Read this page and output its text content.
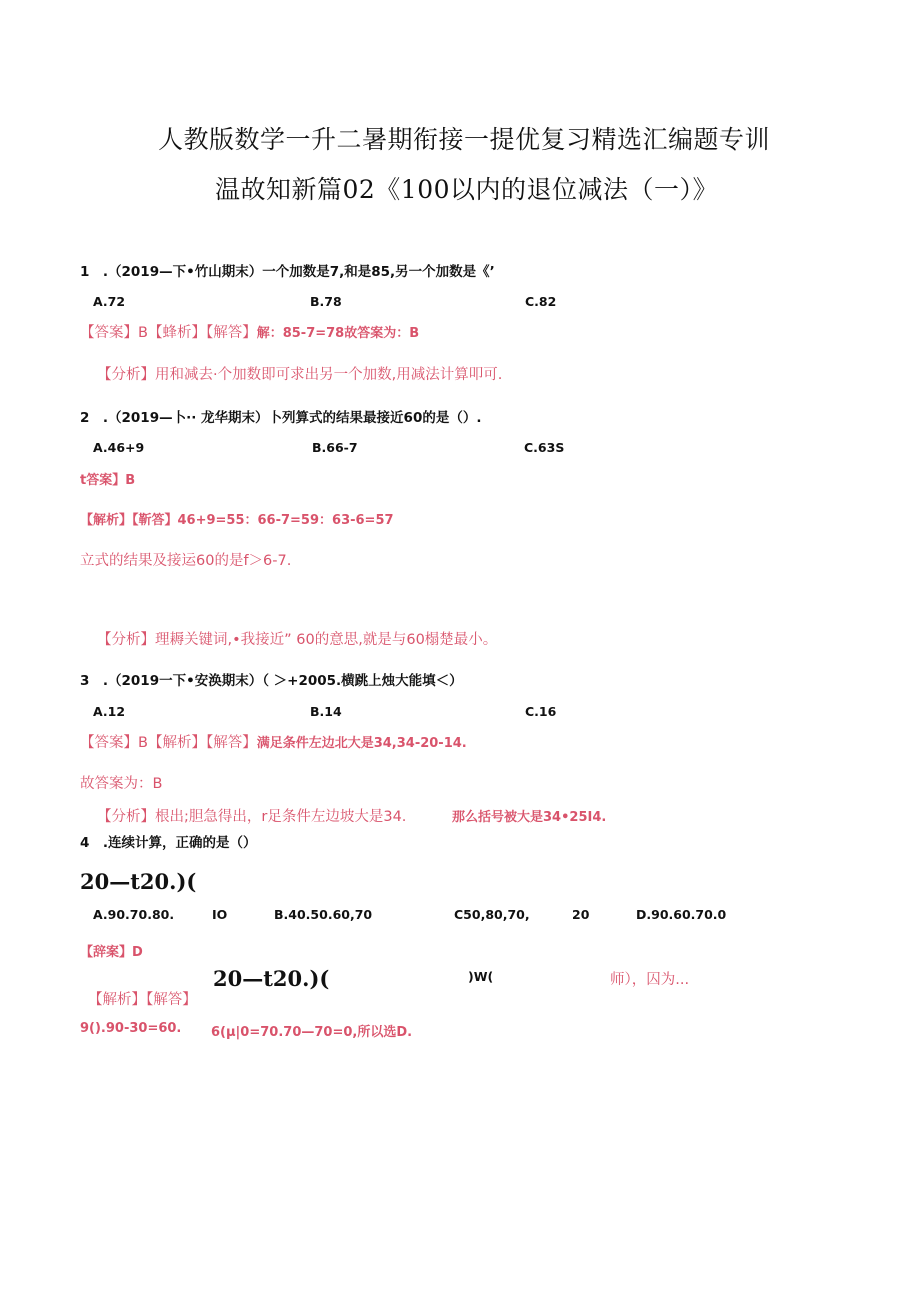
人教版数学一升二暑期衔接一提优复习精选汇编题专训
温故知新篇02《100以内的退位减法（一）》
1　.（2019—下•竹山期末）一个加数是7,和是85,另一个加数是《’
A.72	B.78	C.82
【答案】B【蜂析】【解答】解：85-7=78故答案为：B
【分析】用和减去·个加数即可求出另一个加数,用减法计算叩可.
2　.（2019—卜·· 龙华期末）卜列算式的结果最接近60的是（）.
A.46+9	B.66-7	C.63S
t答案】B
【解析】【靳答】46+9=55：66-7=59：63-6=57
立式的结果及接运60的是f＞6-7.
【分析】理耨关键词,•我接近” 60的意思,就是与60榻楚最小。
3　.（2019一下•安涣期末）（ ＞+2005.横跳上烛大能填＜）
A.12	B.14	C.16
【答案】B【解析】【解答】满足条件左边北大是34,34-20-14.
故答案为：B
【分析】根出;胆急得出，r足条件左边坡大是34.	那么括号被大是34•25I4.
4　.连续计算，正确的是（）
20—t20.)(
A.90.70.80.	IO	B.40.50.60,70	C50,80,70,	20	D.90.60.70.0
【辞案】D
20—t20.)(	)W(	师），囚为...
【解析】【解答】
9().90-30=60. 6(µ|0=70.70—70=0,所以选D.
